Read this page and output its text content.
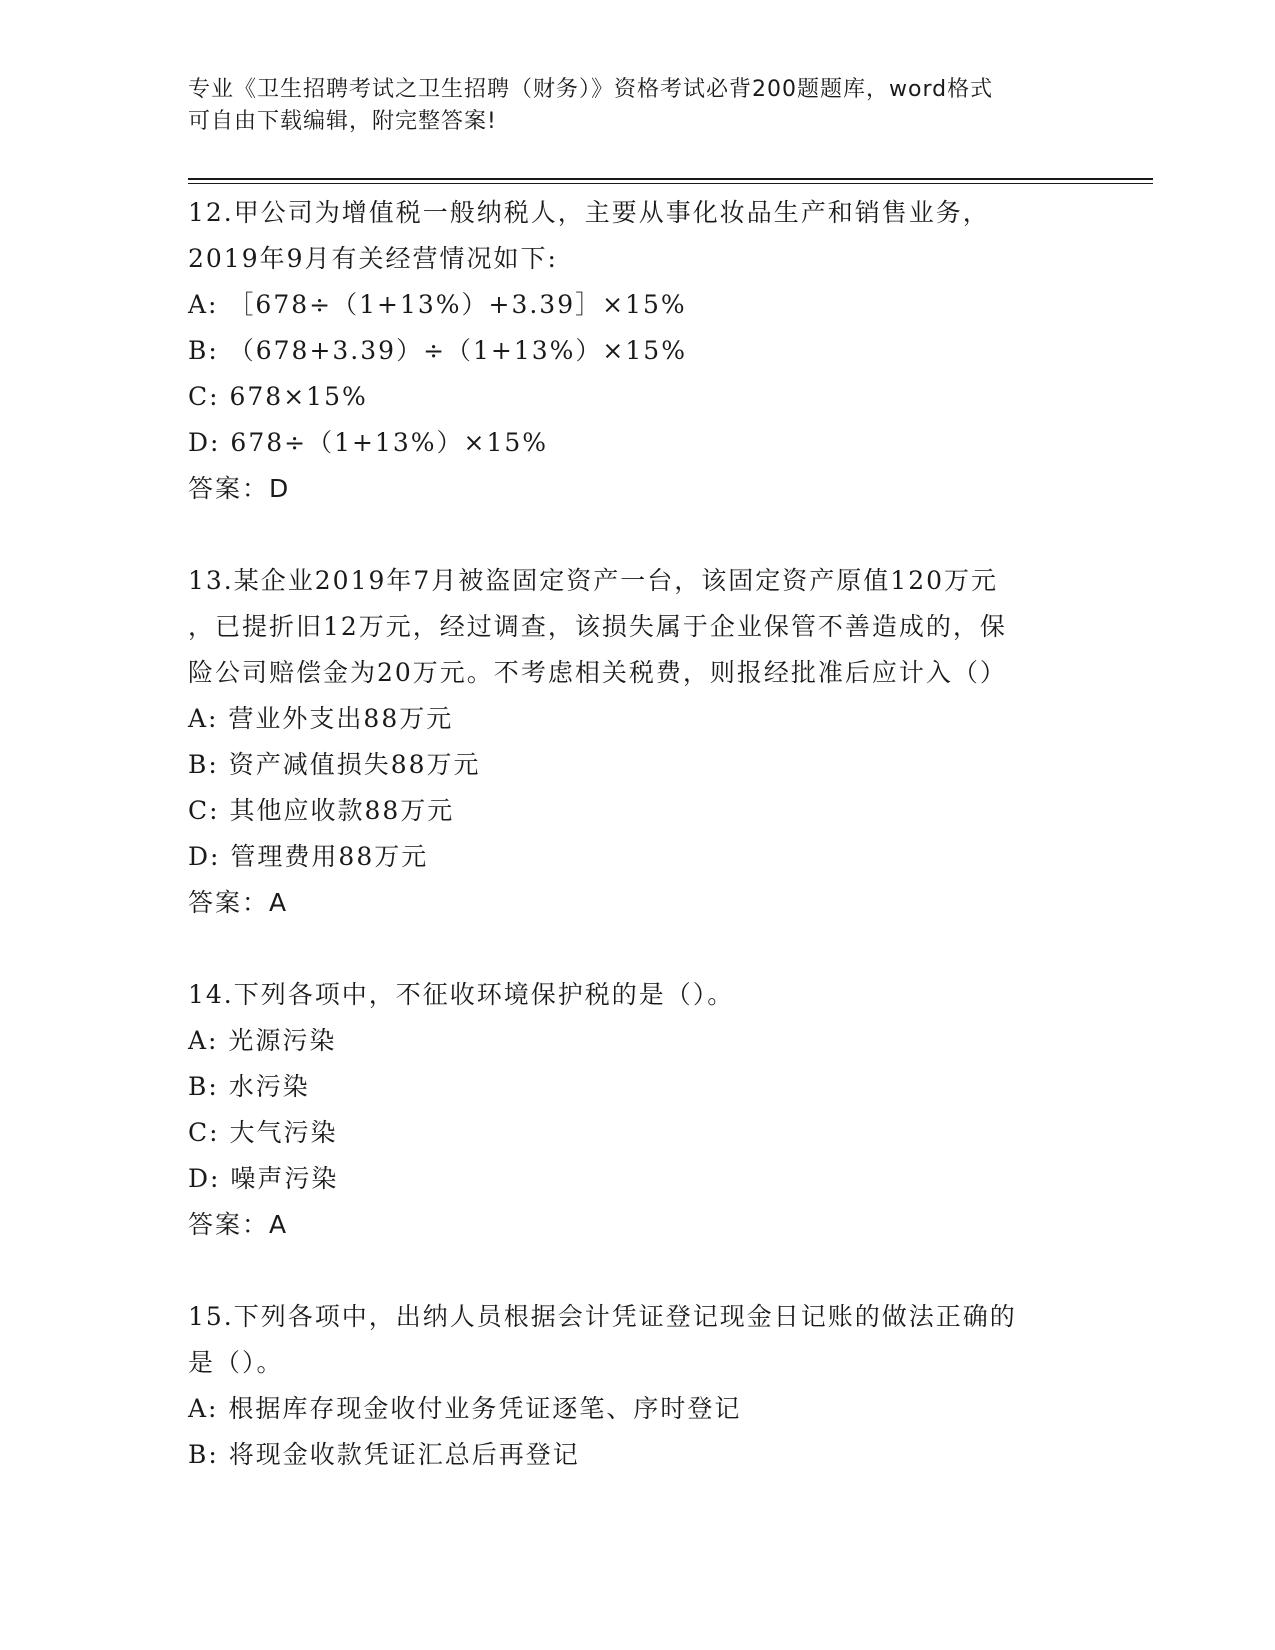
专业《卫生招聘考试之卫生招聘（财务）》资格考试必背200题题库，word格式
可自由下载编辑，附完整答案!
12.甲公司为增值税一般纳税人，主要从事化妆品生产和销售业务，
2019年9月有关经营情况如下:
A: ［678÷（1+13%）+3.39］×15%
B: （678+3.39）÷（1+13%）×15%
C: 678×15%
D: 678÷（1+13%）×15%
答案：D
13.某企业2019年7月被盗固定资产一台，该固定资产原值120万元
，已提折旧12万元，经过调查，该损失属于企业保管不善造成的，保
险公司赔偿金为20万元。不考虑相关税费，则报经批准后应计入（）
A: 营业外支出88万元
B: 资产减值损失88万元
C: 其他应收款88万元
D: 管理费用88万元
答案：A
14.下列各项中，不征收环境保护税的是（）。
A: 光源污染
B: 水污染
C: 大气污染
D: 噪声污染
答案：A
15.下列各项中，出纳人员根据会计凭证登记现金日记账的做法正确的
是（）。
A: 根据库存现金收付业务凭证逐笔、序时登记
B: 将现金收款凭证汇总后再登记
